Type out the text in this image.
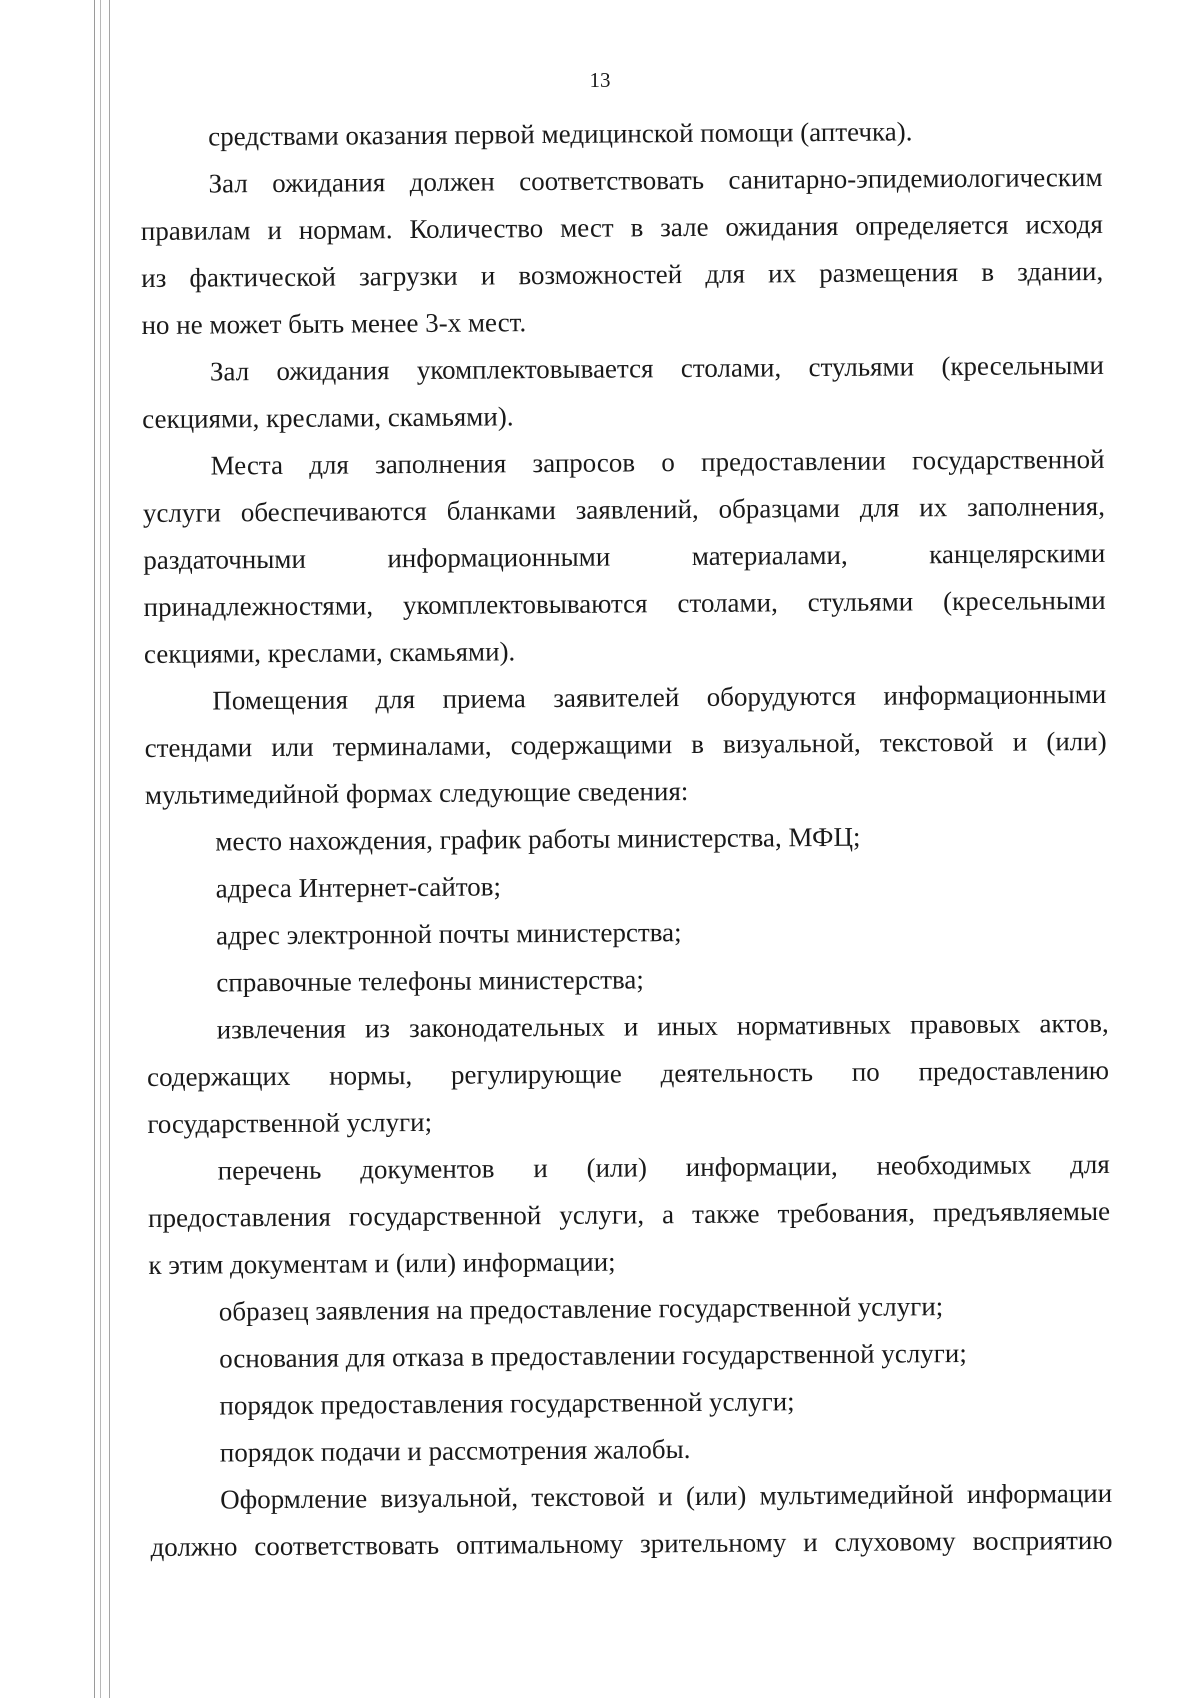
13

средствами оказания первой медицинской помощи (аптечка).

Зал ожидания должен соответствовать санитарно-эпидемиологическим

правилам и нормам. Количество мест в зале ожидания определяется исходя

из фактической загрузки и возможностей для их размещения в здании,

но не может быть менее 3-х мест.

Зал ожидания укомплектовывается столами, стульями (кресельными

секциями, креслами, скамьями).

Места для заполнения запросов о предоставлении государственной

услуги обеспечиваются бланками заявлений, образцами для их заполнения,

раздаточными информационными материалами, канцелярскими

принадлежностями, укомплектовываются столами, стульями (кресельными

секциями, креслами, скамьями).

Помещения для приема заявителей оборудуются информационными

стендами или терминалами, содержащими в визуальной, текстовой и (или)

мультимедийной формах следующие сведения:

место нахождения, график работы министерства, МФЦ;

адреса Интернет-сайтов;

адрес электронной почты министерства;

справочные телефоны министерства;

извлечения из законодательных и иных нормативных правовых актов,

содержащих нормы, регулирующие деятельность по предоставлению

государственной услуги;

перечень документов и (или) информации, необходимых для

предоставления государственной услуги, а также требования, предъявляемые

к этим документам и (или) информации;

образец заявления на предоставление государственной услуги;

основания для отказа в предоставлении государственной услуги;

порядок предоставления государственной услуги;

порядок подачи и рассмотрения жалобы.

Оформление визуальной, текстовой и (или) мультимедийной информации

должно соответствовать оптимальному зрительному и слуховому восприятию
